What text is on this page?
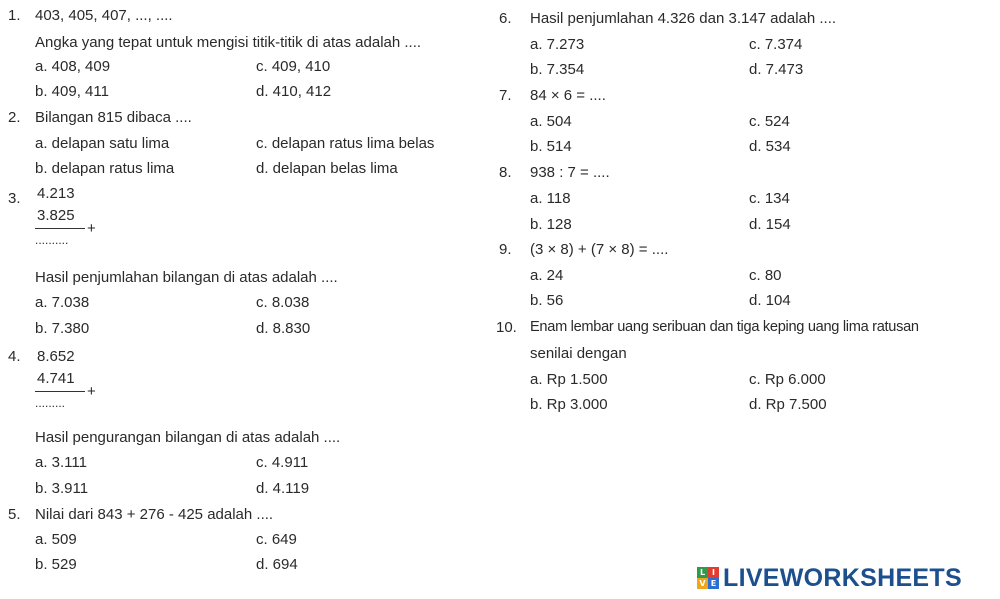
1. 403, 405, 407, ..., ....
Angka yang tepat untuk mengisi titik-titik di atas adalah ....
a. 408, 409	c. 409, 410
b. 409, 411	d. 410, 412
2. Bilangan 815 dibaca ....
a. delapan satu lima	c. delapan ratus lima belas
b. delapan ratus lima	d. delapan belas lima
3. 4.213
3.825
+
..........
Hasil penjumlahan bilangan di atas adalah ....
a. 7.038	c. 8.038
b. 7.380	d. 8.830
4. 8.652
4.741
+
.........
Hasil pengurangan bilangan di atas adalah ....
a. 3.111	c. 4.911
b. 3.911	d. 4.119
5. Nilai dari 843 + 276 - 425 adalah ....
a. 509	c. 649
b. 529	d. 694
6. Hasil penjumlahan 4.326 dan 3.147 adalah ....
a. 7.273	c. 7.374
b. 7.354	d. 7.473
7. 84 × 6 = ....
a. 504	c. 524
b. 514	d. 534
8. 938 : 7 = ....
a. 118	c. 134
b. 128	d. 154
9. (3 × 8) + (7 × 8) = ....
a. 24	c. 80
b. 56	d. 104
10. Enam lembar uang seribuan dan tiga keping uang lima ratusan
senilai dengan
a. Rp 1.500	c. Rp 6.000
b. Rp 3.000	d. Rp 7.500
L I
V E LIVEWORKSHEETS
